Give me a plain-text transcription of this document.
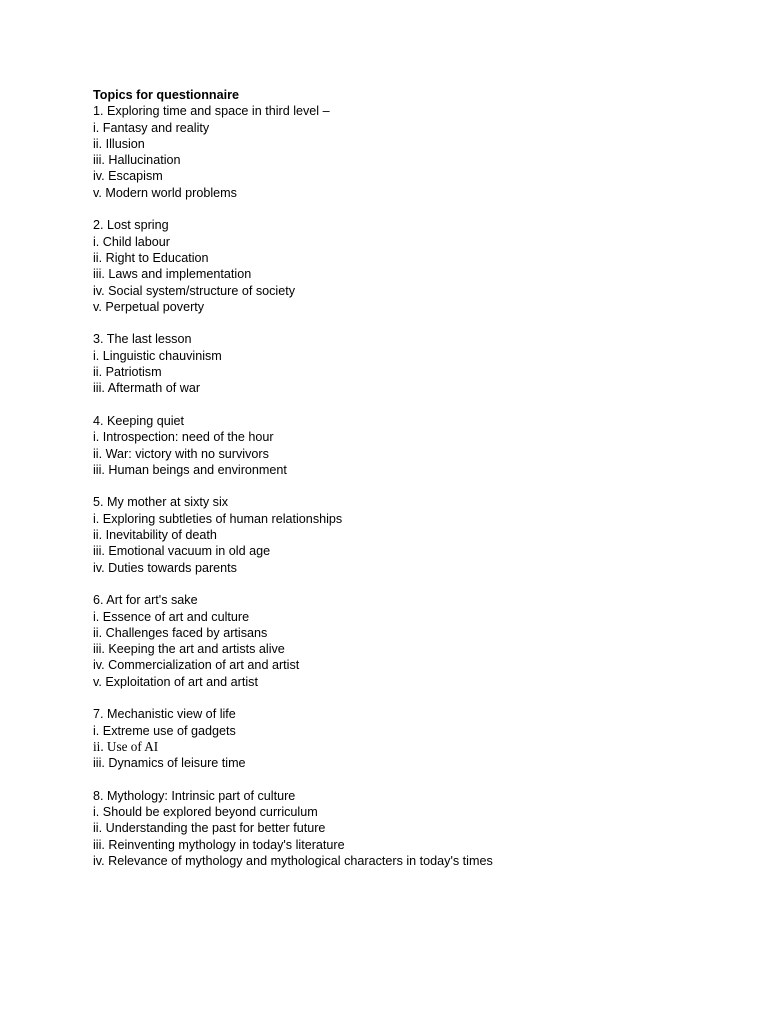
Topics for questionnaire

1. Exploring time and space in third level –

i. Fantasy and reality

ii. Illusion

iii. Hallucination

iv. Escapism

v. Modern world problems

2. Lost spring

i. Child labour

ii. Right to Education

iii. Laws and implementation

iv. Social system/structure of society

v. Perpetual poverty

3. The last lesson

i. Linguistic chauvinism

ii. Patriotism

iii. Aftermath of war

4. Keeping quiet

i. Introspection: need of the hour

ii. War: victory with no survivors

iii. Human beings and environment

5. My mother at sixty six

i. Exploring subtleties of human relationships

ii. Inevitability of death

iii. Emotional vacuum in old age

iv. Duties towards parents

6. Art for art's sake

i. Essence of art and culture

ii. Challenges faced by artisans

iii. Keeping the art and artists alive

iv. Commercialization of art and artist

v. Exploitation of art and artist

7. Mechanistic view of life

i. Extreme use of gadgets

ii. Use of AI

iii. Dynamics of leisure time

8. Mythology: Intrinsic part of culture

i. Should be explored beyond curriculum

ii. Understanding the past for better future

iii. Reinventing mythology in today's literature

iv. Relevance of mythology and mythological characters in today's times
